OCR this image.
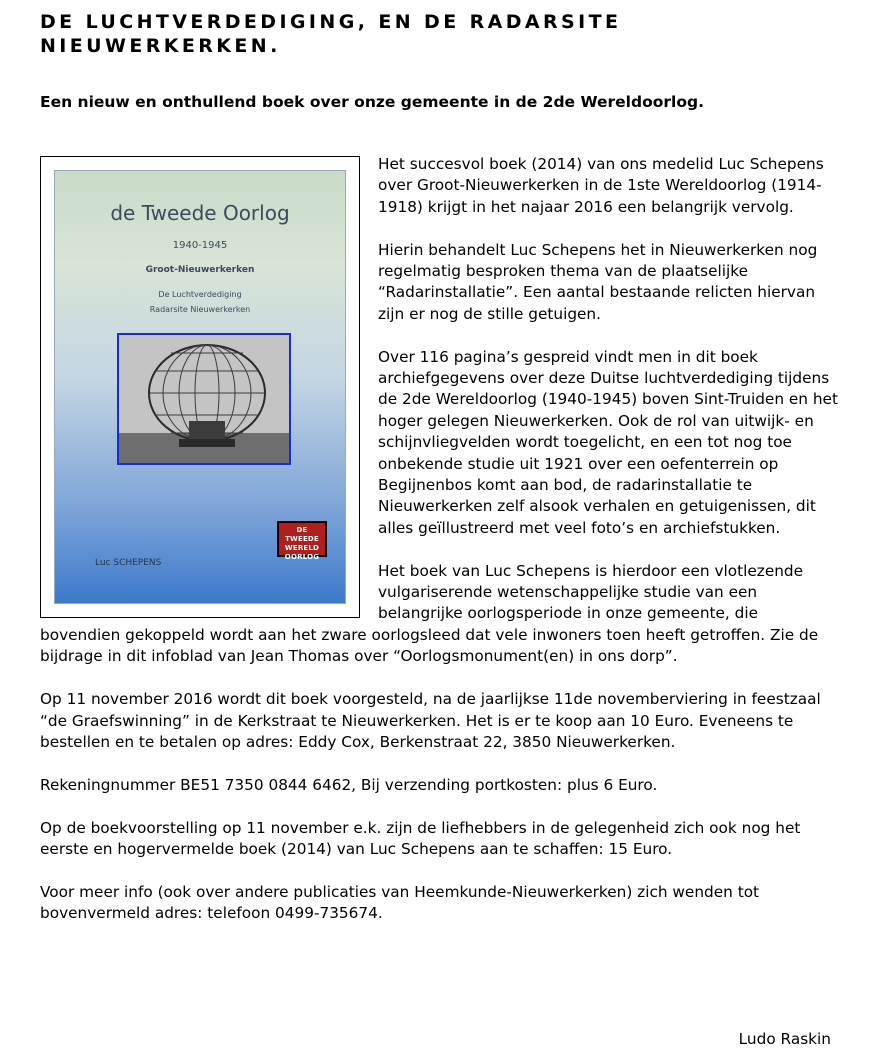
DE LUCHTVERDEDIGING, EN DE RADARSITE NIEUWERKERKEN.
Een nieuw en onthullend boek over onze gemeente in de 2de Wereldoorlog.
de Tweede Oorlog
1940-1945
Groot-Nieuwerkerken
De Luchtverdediging
Radarsite Nieuwerkerken
Luc SCHEPENS
DE TWEEDE
WERELD
OORLOG

Het succesvol boek (2014) van ons medelid Luc Schepens over Groot-Nieuwerkerken in de 1ste Wereldoorlog (1914-1918) krijgt in het najaar 2016 een belangrijk vervolg.

Hierin behandelt Luc Schepens het in Nieuwerkerken nog regelmatig besproken thema van de plaatselijke “Radarinstallatie”. Een aantal bestaande relicten hiervan zijn er nog de stille getuigen.

Over 116 pagina’s gespreid vindt men in dit boek archiefgegevens over deze Duitse luchtverdediging tijdens de 2de Wereldoorlog (1940-1945) boven Sint-Truiden en het hoger gelegen Nieuwerkerken. Ook de rol van uitwijk- en schijnvliegvelden wordt toegelicht, en een tot nog toe onbekende studie uit 1921 over een oefenterrein op Begijnenbos komt aan bod, de radarinstallatie te Nieuwerkerken zelf alsook verhalen en getuigenissen, dit alles geïllustreerd met veel foto’s en archiefstukken.

Het boek van Luc Schepens is hierdoor een vlotlezende vulgariserende wetenschappelijke studie van een belangrijke oorlogsperiode in onze gemeente, die bovendien gekoppeld wordt aan het zware oorlogsleed dat vele inwoners toen heeft getroffen. Zie de bijdrage in dit infoblad van Jean Thomas over “Oorlogsmonument(en) in ons dorp”.

Op 11 november 2016 wordt dit boek voorgesteld, na de jaarlijkse 11de novemberviering in feestzaal “de Graefswinning” in de Kerkstraat te Nieuwerkerken. Het is er te koop aan 10 Euro. Eveneens te bestellen en te betalen op adres: Eddy Cox, Berkenstraat 22, 3850 Nieuwerkerken.

Rekeningnummer BE51 7350 0844 6462, Bij verzending portkosten: plus 6 Euro.

Op de boekvoorstelling op 11 november e.k. zijn de liefhebbers in de gelegenheid zich ook nog het eerste en hogervermelde boek (2014) van Luc Schepens aan te schaffen: 15 Euro.

Voor meer info (ook over andere publicaties van Heemkunde-Nieuwerkerken) zich wenden tot bovenvermeld adres: telefoon 0499-735674.

Ludo Raskin
